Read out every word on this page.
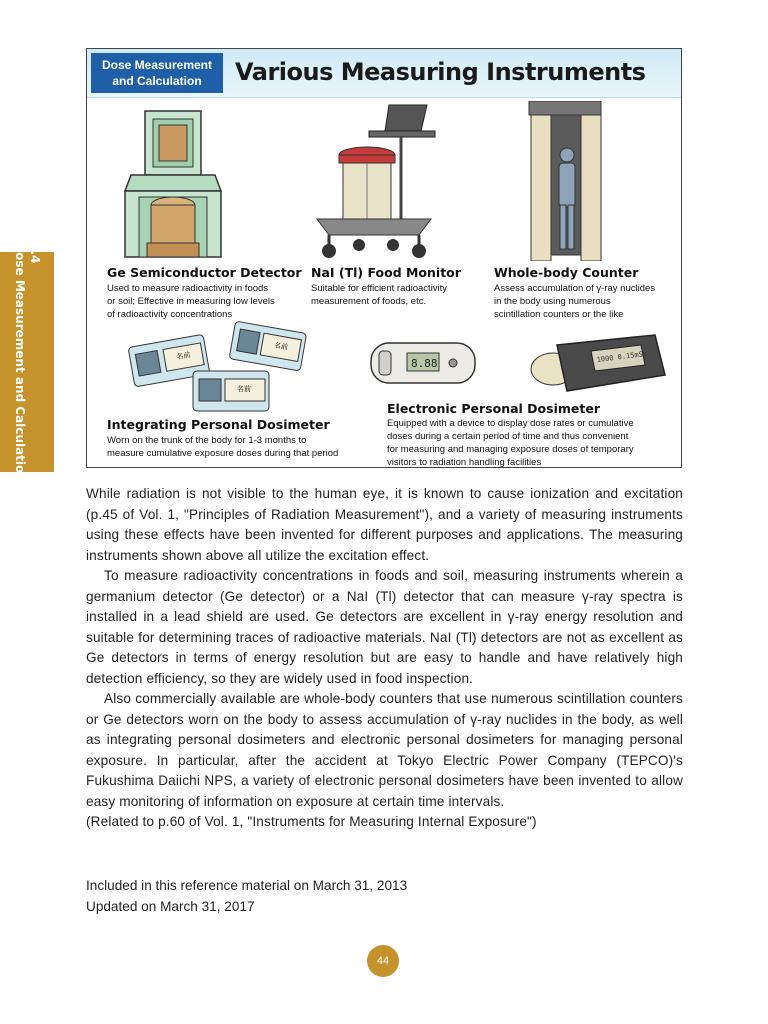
2.4
Dose Measurement and Calculation
Dose Measurement
and Calculation	Various Measuring Instruments
名前
名前
名前
8.88	1000 0.15mSv
Ge Semiconductor Detector
Used to measure radioactivity in foods
or soil; Effective in measuring low levels
of radioactivity concentrations
NaI (Tl) Food Monitor
Suitable for efficient radioactivity
measurement of foods, etc.
Whole-body Counter
Assess accumulation of γ-ray nuclides
in the body using numerous
scintillation counters or the like
Integrating Personal Dosimeter
Worn on the trunk of the body for 1-3 months to
measure cumulative exposure doses during that period
Electronic Personal Dosimeter
Equipped with a device to display dose rates or cumulative
doses during a certain period of time and thus convenient
for measuring and managing exposure doses of temporary
visitors to radiation handling facilities

While radiation is not visible to the human eye, it is known to cause ionization and excitation (p.45 of Vol. 1, "Principles of Radiation Measurement"), and a variety of measuring instruments using these effects have been invented for different purposes and applications. The measuring instruments shown above all utilize the excitation effect.

To measure radioactivity concentrations in foods and soil, measuring instruments wherein a germanium detector (Ge detector) or a NaI (Tl) detector that can measure γ-ray spectra is installed in a lead shield are used. Ge detectors are excellent in γ-ray energy resolution and suitable for determining traces of radioactive materials. NaI (Tl) detectors are not as excellent as Ge detectors in terms of energy resolution but are easy to handle and have relatively high detection efficiency, so they are widely used in food inspection.

Also commercially available are whole-body counters that use numerous scintillation counters or Ge detectors worn on the body to assess accumulation of γ-ray nuclides in the body, as well as integrating personal dosimeters and electronic personal dosimeters for managing personal exposure. In particular, after the accident at Tokyo Electric Power Company (TEPCO)'s Fukushima Daiichi NPS, a variety of electronic personal dosimeters have been invented to allow easy monitoring of information on exposure at certain time intervals.

(Related to p.60 of Vol. 1, "Instruments for Measuring Internal Exposure")

Included in this reference material on March 31, 2013
Updated on March 31, 2017
44
